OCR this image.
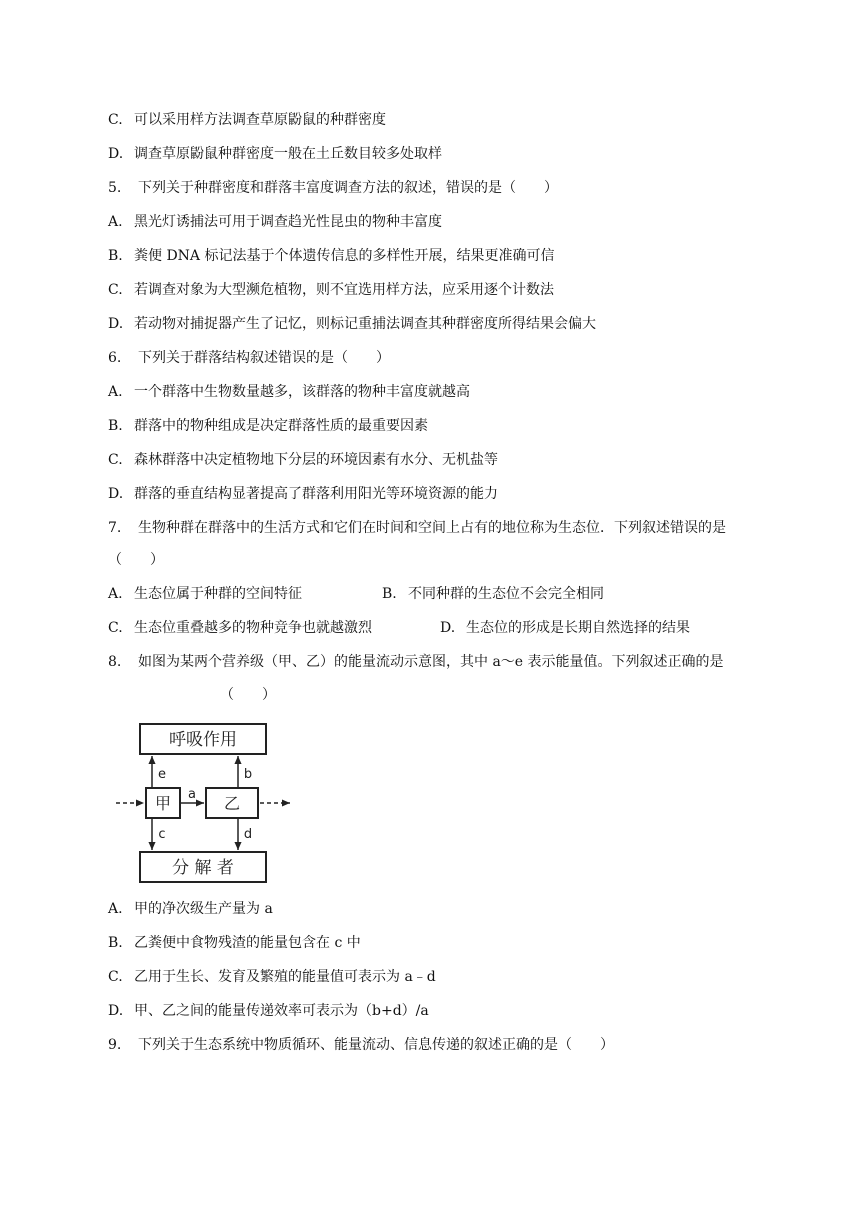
C. 可以采用样方法调查草原鼢鼠的种群密度
D. 调查草原鼢鼠种群密度一般在土丘数目较多处取样
5. 下列关于种群密度和群落丰富度调查方法的叙述，错误的是（　　）
A. 黑光灯诱捕法可用于调查趋光性昆虫的物种丰富度
B. 粪便 DNA 标记法基于个体遗传信息的多样性开展，结果更准确可信
C. 若调查对象为大型濒危植物，则不宜选用样方法，应采用逐个计数法
D. 若动物对捕捉器产生了记忆，则标记重捕法调查其种群密度所得结果会偏大
6. 下列关于群落结构叙述错误的是（　　）
A. 一个群落中生物数量越多，该群落的物种丰富度就越高
B. 群落中的物种组成是决定群落性质的最重要因素
C. 森林群落中决定植物地下分层的环境因素有水分、无机盐等
D. 群落的垂直结构显著提高了群落利用阳光等环境资源的能力
7. 生物种群在群落中的生活方式和它们在时间和空间上占有的地位称为生态位．下列叙述错误的是
（　　）
A. 生态位属于种群的空间特征	B. 不同种群的生态位不会完全相同
C. 生态位重叠越多的物种竞争也就越激烈	D. 生态位的形成是长期自然选择的结果
8. 如图为某两个营养级（甲、乙）的能量流动示意图，其中 a～e 表示能量值。下列叙述正确的是
（　　）
呼吸作用
分 解 者
甲	乙
a
e	b
c	d
A. 甲的净次级生产量为 a
B. 乙粪便中食物残渣的能量包含在 c 中
C. 乙用于生长、发育及繁殖的能量值可表示为 a﹣d
D. 甲、乙之间的能量传递效率可表示为（b+d）/a
9. 下列关于生态系统中物质循环、能量流动、信息传递的叙述正确的是（　　）
